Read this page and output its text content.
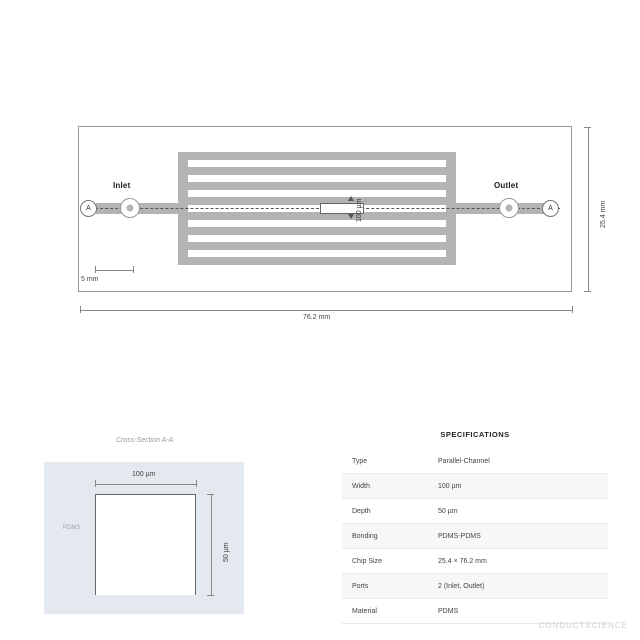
Inlet	Outlet
A	A
100 µm
76.2 mm
25.4 mm
5 mm
Cross-Section A-A
PDMS
100 µm
50 µm
SPECIFICATIONS
Type	Parallel-Channel
Width	100 µm
Depth	50 µm
Bonding	PDMS-PDMS
Chip Size	25.4 × 76.2 mm
Ports	2 (Inlet, Outlet)
Material	PDMS
CONDUCTSCIENCE
